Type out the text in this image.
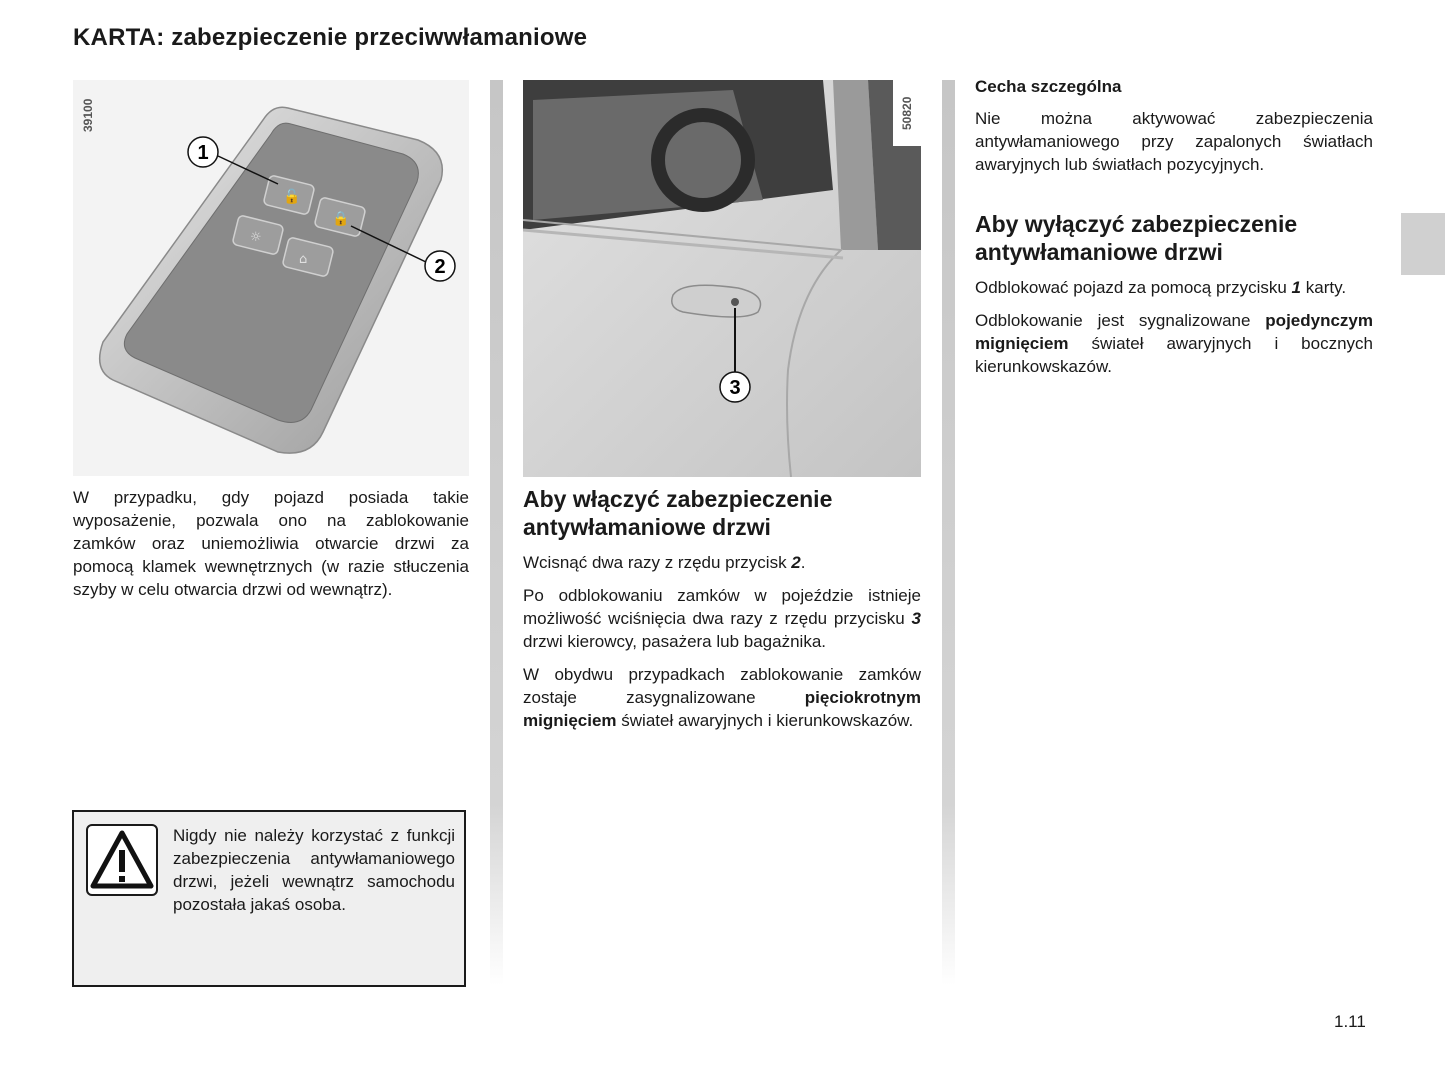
KARTA: zabezpieczenie przeciwwłamaniowe
39100
🔓
🔒
☼
⌂
1
2
3
50820

W przypadku, gdy pojazd posiada takie wyposażenie, pozwala ono na zablokowanie zamków oraz uniemożliwia otwarcie drzwi za pomocą klamek wewnętrznych (w razie stłuczenia szyby w celu otwarcia drzwi od wewnątrz).

Nigdy nie należy korzystać z funkcji zabezpieczenia antywłamaniowego drzwi, jeżeli wewnątrz samochodu pozostała jakaś osoba.
Aby włączyć zabezpieczenie antywłamaniowe drzwi

Wcisnąć dwa razy z rzędu przycisk 2.

Po odblokowaniu zamków w pojeździe istnieje możliwość wciśnięcia dwa razy z rzędu przycisku 3 drzwi kierowcy, pasażera lub bagażnika.

W obydwu przypadkach zablokowanie zamków zostaje zasygnalizowane pięciokrotnym mignięciem świateł awaryjnych i kierunkowskazów.

Cecha szczególna

Nie można aktywować zabezpieczenia antywłamaniowego przy zapalonych światłach awaryjnych lub światłach pozycyjnych.

Aby wyłączyć zabezpieczenie antywłamaniowe drzwi

Odblokować pojazd za pomocą przycisku 1 karty.

Odblokowanie jest sygnalizowane pojedynczym mignięciem świateł awaryjnych i bocznych kierunkowskazów.

1.11
